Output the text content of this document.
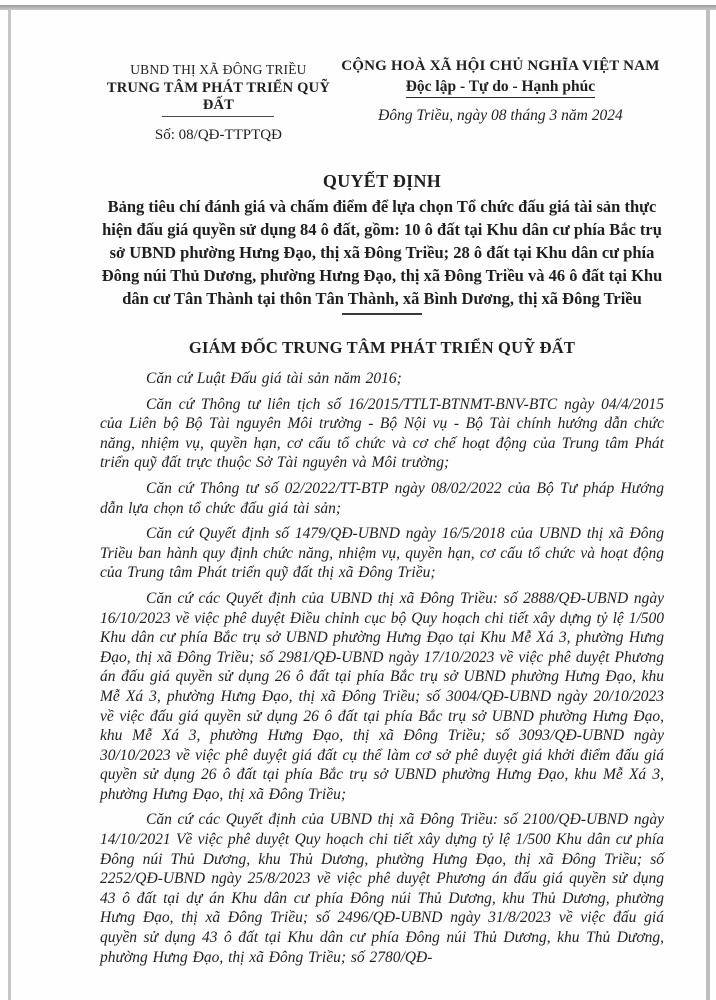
UBND THỊ XÃ ĐÔNG TRIỀU
TRUNG TÂM PHÁT TRIỂN QUỸ ĐẤT
Số: 08/QĐ-TTPTQĐ
CỘNG HOÀ XÃ HỘI CHỦ NGHĨA VIỆT NAM
Độc lập - Tự do - Hạnh phúc
Đông Triều, ngày 08 tháng 3 năm 2024
QUYẾT ĐỊNH
Bảng tiêu chí đánh giá và chấm điểm để lựa chọn Tổ chức đấu giá tài sản thực hiện đấu giá quyền sử dụng 84 ô đất, gồm: 10 ô đất tại Khu dân cư phía Bắc trụ sở UBND phường Hưng Đạo, thị xã Đông Triều; 28 ô đất tại Khu dân cư phía Đông núi Thủ Dương, phường Hưng Đạo, thị xã Đông Triều và 46 ô đất tại Khu dân cư Tân Thành tại thôn Tân Thành, xã Bình Dương, thị xã Đông Triều
GIÁM ĐỐC TRUNG TÂM PHÁT TRIỂN QUỸ ĐẤT

Căn cứ Luật Đấu giá tài sản năm 2016;

Căn cứ Thông tư liên tịch số 16/2015/TTLT-BTNMT-BNV-BTC ngày 04/4/2015 của Liên bộ Bộ Tài nguyên Môi trường - Bộ Nội vụ - Bộ Tài chính hướng dẫn chức năng, nhiệm vụ, quyền hạn, cơ cấu tổ chức và cơ chế hoạt động của Trung tâm Phát triển quỹ đất trực thuộc Sở Tài nguyên và Môi trường;

Căn cứ Thông tư số 02/2022/TT-BTP ngày 08/02/2022 của Bộ Tư pháp Hướng dẫn lựa chọn tổ chức đấu giá tài sản;

Căn cứ Quyết định số 1479/QĐ-UBND ngày 16/5/2018 của UBND thị xã Đông Triều ban hành quy định chức năng, nhiệm vụ, quyền hạn, cơ cấu tổ chức và hoạt động của Trung tâm Phát triển quỹ đất thị xã Đông Triều;

Căn cứ các Quyết định của UBND thị xã Đông Triều: số 2888/QĐ-UBND ngày 16/10/2023 về việc phê duyệt Điều chỉnh cục bộ Quy hoạch chi tiết xây dựng tỷ lệ 1/500 Khu dân cư phía Bắc trụ sở UBND phường Hưng Đạo tại Khu Mễ Xá 3, phường Hưng Đạo, thị xã Đông Triều; số 2981/QĐ-UBND ngày 17/10/2023 về việc phê duyệt Phương án đấu giá quyền sử dụng 26 ô đất tại phía Bắc trụ sở UBND phường Hưng Đạo, khu Mễ Xá 3, phường Hưng Đạo, thị xã Đông Triều; số 3004/QĐ-UBND ngày 20/10/2023 về việc đấu giá quyền sử dụng 26 ô đất tại phía Bắc trụ sở UBND phường Hưng Đạo, khu Mễ Xá 3, phường Hưng Đạo, thị xã Đông Triều; số 3093/QĐ-UBND ngày 30/10/2023 về việc phê duyệt giá đất cụ thể làm cơ sở phê duyệt giá khởi điểm đấu giá quyền sử dụng 26 ô đất tại phía Bắc trụ sở UBND phường Hưng Đạo, khu Mễ Xá 3, phường Hưng Đạo, thị xã Đông Triều;

Căn cứ các Quyết định của UBND thị xã Đông Triều: số 2100/QĐ-UBND ngày 14/10/2021 Về việc phê duyệt Quy hoạch chi tiết xây dựng tỷ lệ 1/500 Khu dân cư phía Đông núi Thủ Dương, khu Thủ Dương, phường Hưng Đạo, thị xã Đông Triều; số 2252/QĐ-UBND ngày 25/8/2023 về việc phê duyệt Phương án đấu giá quyền sử dụng 43 ô đất tại dự án Khu dân cư phía Đông núi Thủ Dương, khu Thủ Dương, phường Hưng Đạo, thị xã Đông Triều; số 2496/QĐ-UBND ngày 31/8/2023 về việc đấu giá quyền sử dụng 43 ô đất tại Khu dân cư phía Đông núi Thủ Dương, khu Thủ Dương, phường Hưng Đạo, thị xã Đông Triều; số 2780/QĐ-
